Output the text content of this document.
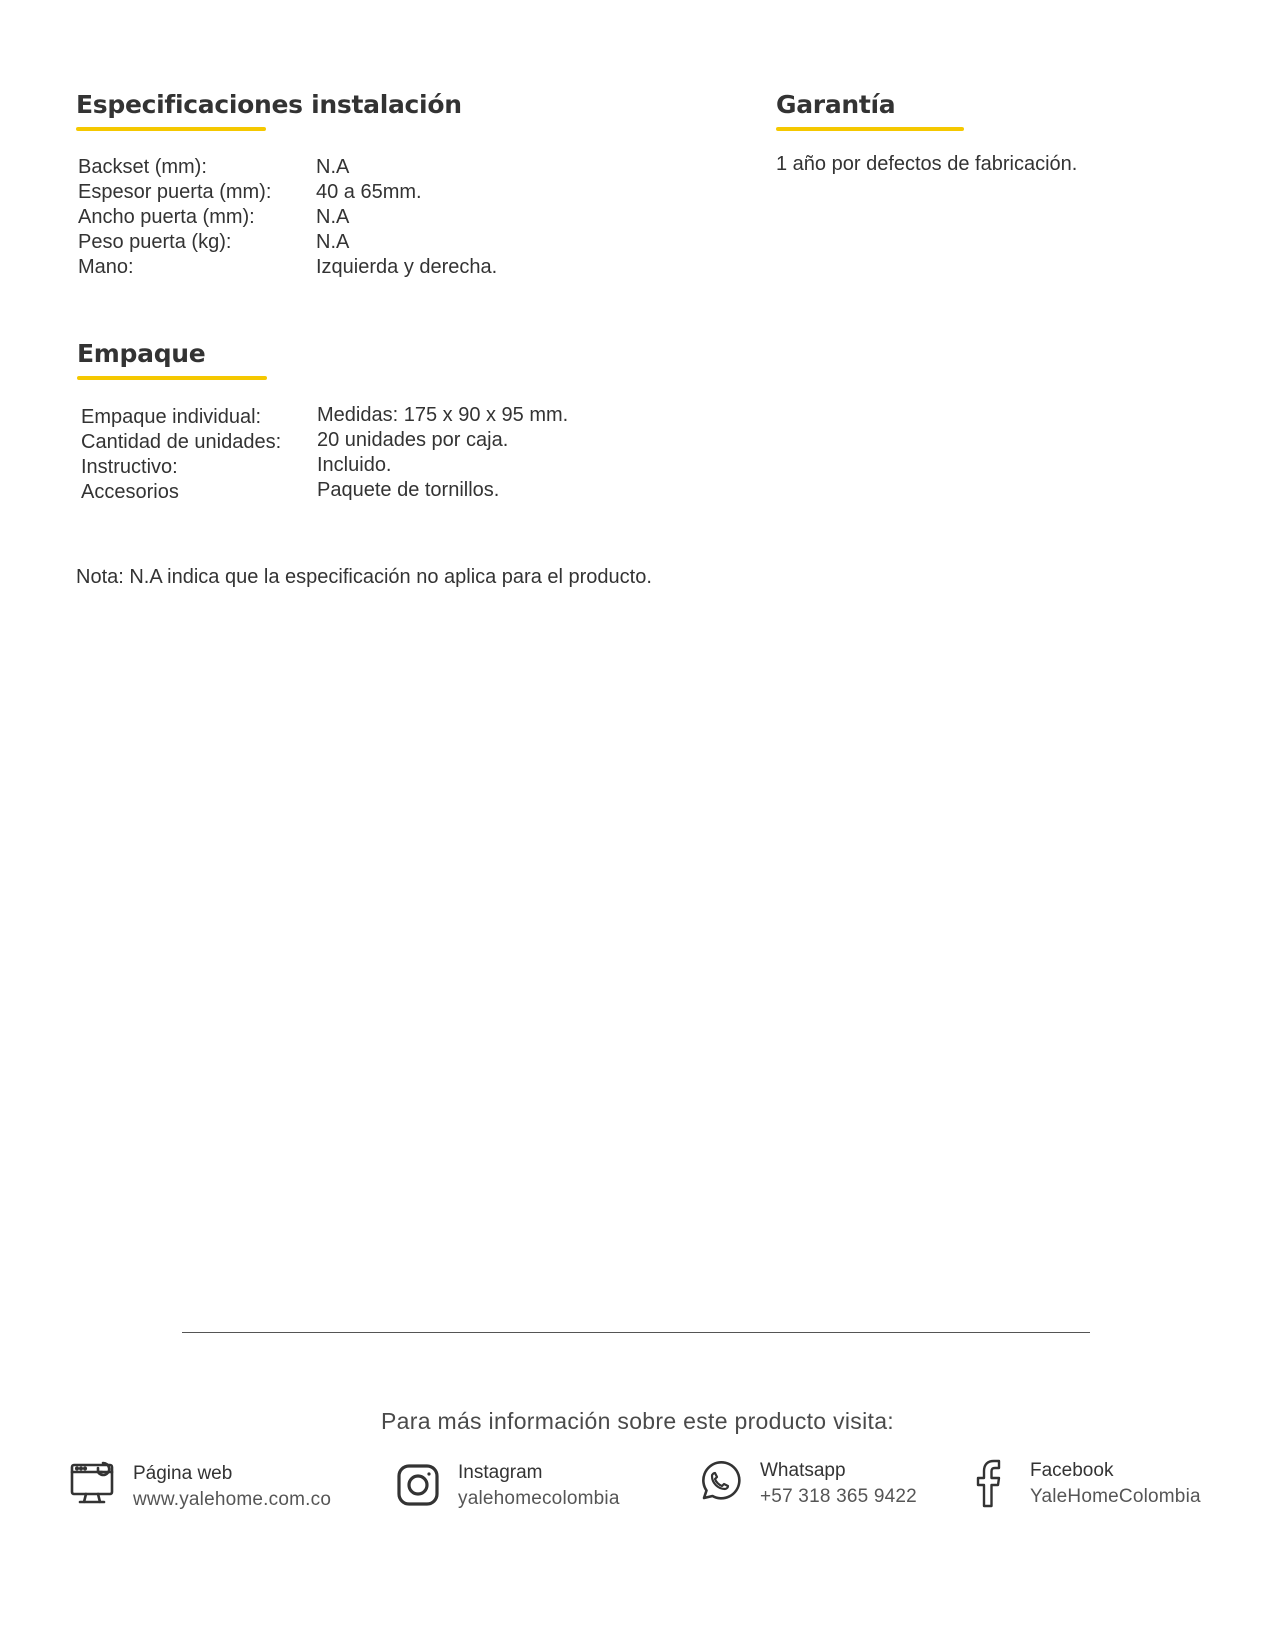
Especificaciones instalación
Backset (mm):	N.A
Espesor puerta (mm): 40 a 65mm.
Ancho puerta (mm):	N.A
Peso puerta (kg):	N.A
Mano:	Izquierda y derecha.
Garantía
1 año por defectos de fabricación.
Empaque
Empaque individual:	Medidas: 175 x 90 x 95 mm.
Cantidad de unidades: 20 unidades por caja.
Instructivo:	Incluido.
Accesorios	Paquete de tornillos.
Nota: N.A indica que la especificación no aplica para el producto.
Para más información sobre este producto visita:
Página web
www.yalehome.com.co
Instagram
yalehomecolombia
Whatsapp
+57 318 365 9422
Facebook
YaleHomeColombia
